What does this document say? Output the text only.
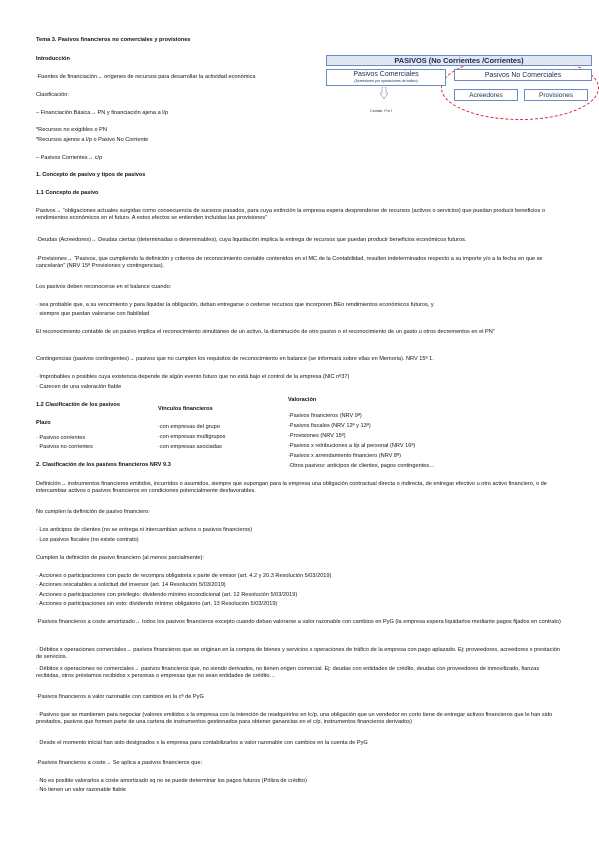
PASIVOS (No Corrientes /Corrientes)
Pasivos Comerciales
(Acreedores por operaciones de tráfico)
Pasivos No Comerciales
Acreedores	Provisiones
Contab. Fro I
Tema 3. Pasivos financieros no comerciales y provisiones
Introducción
·Fuentes de financiación→ orígenes de recursos para desarrollar la actividad económica
Clasificación:
– Financiación Básica→ PN y financiación ajena a l/p
*Recursos no exigibles o PN
*Recursos ajenos a l/p o Pasivo No Corriente
– Pasivos Corrientes→ c/p
1. Concepto de pasivo y tipos de pasivos
1.1 Concepto de pasivo
Pasivos→ “obligaciones actuales surgidas como consecuencia de sucesos pasados, para cuya extinción la empresa espera desprenderse de recursos (activos o servicios) que puedan producir beneficios o rendimientos económicos en el futuro. A estos efectos se entienden incluidas las provisiones”
·Deudas (Acreedores)→ Deudas ciertas (determinadas o determinables), cuya liquidación implica la entrega de recursos que puedan producir beneficios económicos futuros.
·Provisiones→ “Pasivos, que cumpliendo la definición y criterios de reconocimiento contable contenidos en el MC de la Contabilidad, resulten indeterminados respecto a su importe y/o a la fecha en que se cancelarán” (NRV 15ª Provisiones y contingencias).
Los pasivos deben reconocerse en el balance cuando:
· sea probable que, a su vencimiento y para liquidar la obligación, deban entregarse o cederse recursos que incorporen BEo rendimientos económicos futuros, y
· siempre que puedan valorarse con fiabilidad
El reconocimiento contable de un pasivo implica el reconocimiento simultáneo de un activo, la disminución de otro pasivo o el reconocimiento de un gasto u otros decrementos en el PN”
Contingencias (pasivos contingentes)→ pasivos que no cumplen los requisitos de reconocimiento en balance (se informará sobre ellas en Memoria). NRV 15ª 1.
· Improbables o posibles cuya existencia depende de algún evento futuro que no está bajo el control de la empresa (NIC nº37)
· Carecen de una valoración fiable
1.2 Clasificación de los pasivos
Vínculos financieros
Valoración
Plazo
·con empresas del grupo
·con empresas multigrupos
·con empresas asociadas
· Pasivos corrientes
· Pasivos no corrientes
·Pasivos financieros (NRV 9ª)
·Pasivos fiscales (NRV 12ª y 13ª)
·Provisiones (NRV 15ª)
·Pasivos x retribuciones a l/p al personal (NRV 16ª)
·Pasivos x arrendamiento financiero (NRV 8ª)
·Otros pasivos: anticipos de clientes, pagos contingentes…
2. Clasificación de los pasivos financieros NRV 9.3
Definición→ instrumentos financieros emitidos, incurridos o asumidos, siempre que supongan para la empresa una obligación contractual directa o indirecta, de entregar efectivo u otro activo financiero, o de intercambiar activos o pasivos financieros en condiciones potencialmente desfavorables.
No cumplen la definición de pasivo financiero:
· Los anticipos de clientes (no se entrega ni intercambian activos o pasivos financieros)
· Los pasivos fiscales (no existe contrato)
Cumplen la definición de pasivo financiero (al menos parcialmente):
· Acciones o participaciones con pacto de recompra obligatoria x parte de emisor (art. 4.2 y 20.3 Resolución 5/03/2019)
· Acciones rescatables a solicitud del inversor (art. 14 Resolución 5/03/2019)
· Acciones o participaciones con privilegio: dividendo mínimo incondicional (art. 12 Resolución 5/03/2019)
· Acciones o participaciones sin voto: dividendo mínimo obligatorio (art. 13 Resolución 5/03/2019)
·Pasivos financieros a coste amortizado→ todos los pasivos financieros excepto cuando deban valorarse a valor razonable con cambios en PyG (la empresa espera liquidarlos mediante pagos fijados en contrato)
· Débitos x operaciones comerciales→ pasivos financieros que se originan en la compra de bienes y servicios x operaciones de tráfico de la empresa con pago aplazado. Ej: proveedores, acreedores x prestación de servicios.
· Débitos x operaciones no comerciales→ pasivos financieros que, no siendo derivados, no tienen origen comercial. Ej: deudas con entidades de crédito, deudas con proveedores de inmovilizado, fianzas recibidas, otros préstamos recibidos x personas o empresas que no sean entidades de crédito…
·Pasivos financieros a valor razonable con cambios en la cª de PyG
· Pasivos que se mantienen para negociar (valores emitidos x la empresa con la intención de readquirirlos en lc/p, una obligación que un vendedor en corto tiene de entregar activos financieros que le han sido prestados, pasivos que formen parte de una cartera de instrumentos gestionados para obtener ganancias en el c/p, instrumentos financieros derivados)
· Desde el momento inicial han sido designados x la empresa para contabilizarlos a valor razonable con cambios en la cuenta de PyG
·Pasivos financieros a coste→ Se aplica a pasivos financieros que:
· No es posible valorarlos a coste amortizado xq no se puede determinar los pagos futuros (Póliza de crédito)
· No tienen un valor razonable fiable
